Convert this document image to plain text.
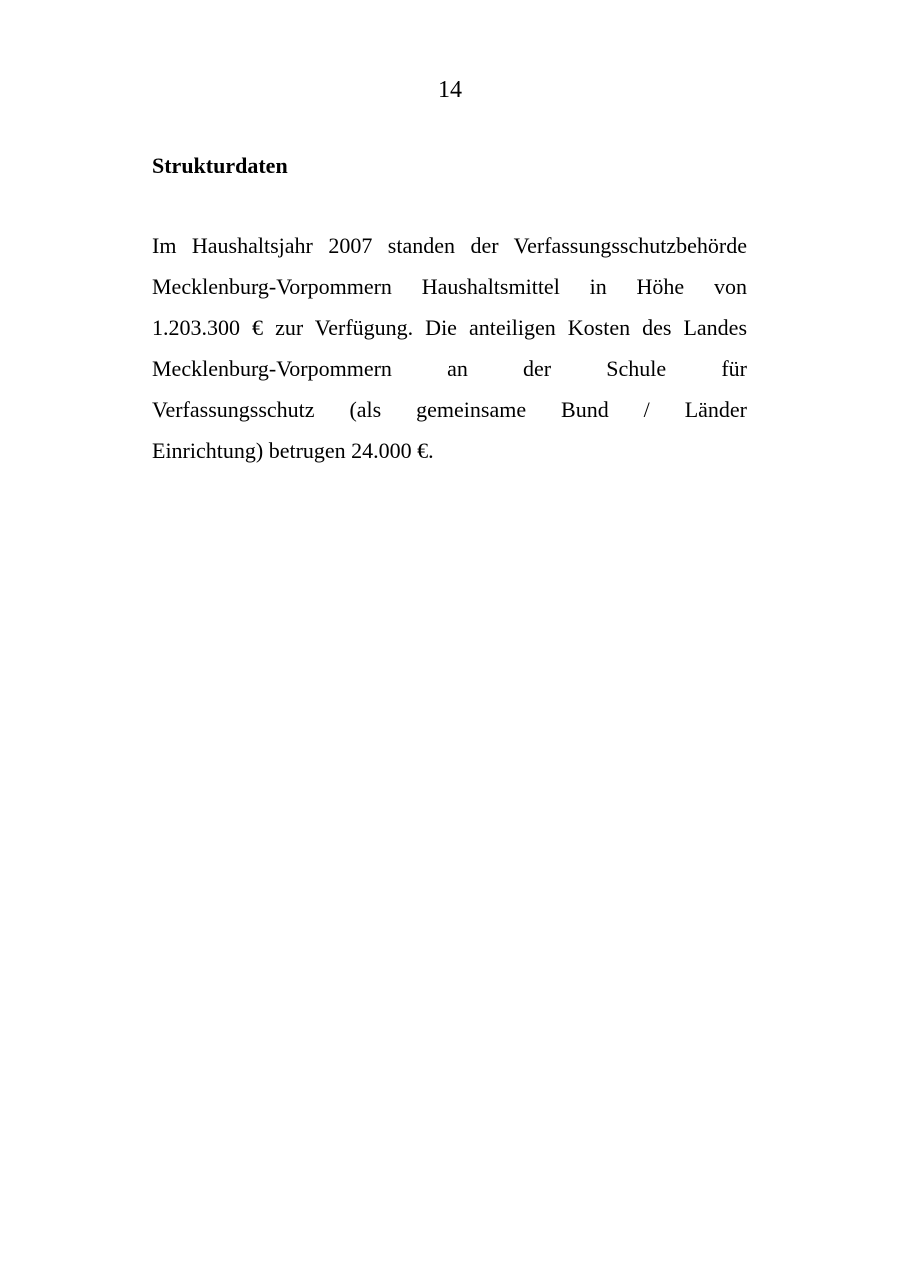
14
Strukturdaten

Im Haushaltsjahr 2007 standen der Verfassungsschutzbehörde
Mecklenburg-Vorpommern Haushaltsmittel in Höhe von
1.203.300 € zur Verfügung. Die anteiligen Kosten des Landes
Mecklenburg-Vorpommern an der Schule für
Verfassungsschutz (als gemeinsame Bund / Länder
Einrichtung) betrugen 24.000 €.
